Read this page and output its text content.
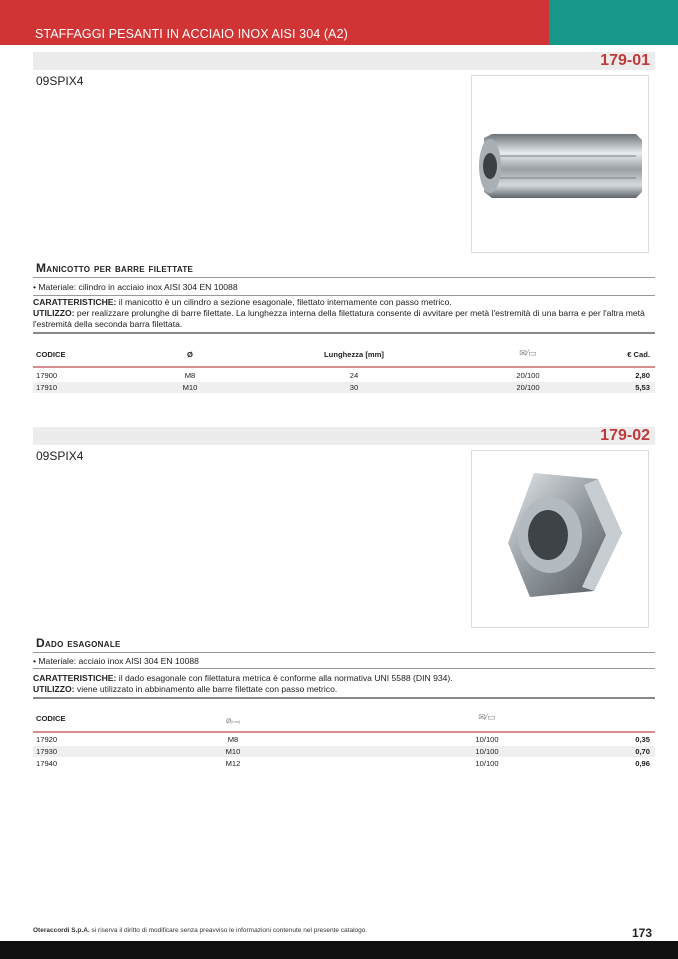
STAFFAGGI PESANTI IN ACCIAIO INOX AISI 304 (A2)
179-01
09SPIX4
Manicotto per barre filettate
• Materiale: cilindro in acciaio inox AISI 304 EN 10088
CARATTERISTICHE: il manicotto è un cilindro a sezione esagonale, filettato internamente con passo metrico.
UTILIZZO: per realizzare prolunghe di barre filettate. La lunghezza interna della filettatura consente di avvitare per metà l'estremità di una barra e per l'altra metà l'estremità della seconda barra filettata.
CODICE	Ø	Lunghezza [mm]	✉⁄▭	€ Cad.
17900	M8	24	20/100	2,80
17910	M10	30	20/100	5,53
179-02
09SPIX4
Dado esagonale
• Materiale: acciaio inox AISI 304 EN 10088
CARATTERISTICHE: il dado esagonale con filettatura metrica è conforme alla normativa UNI 5588 (DIN 934).
UTILIZZO: viene utilizzato in abbinamento alle barre filettate con passo metrico.
CODICE	⌀[mm]	✉⁄▭
17920	M8	10/100	0,35
17930	M10	10/100	0,70
17940	M12	10/100	0,96
Oteraccordi S.p.A. si riserva il diritto di modificare senza preavviso le informazioni contenute nel presente catalogo.	173
